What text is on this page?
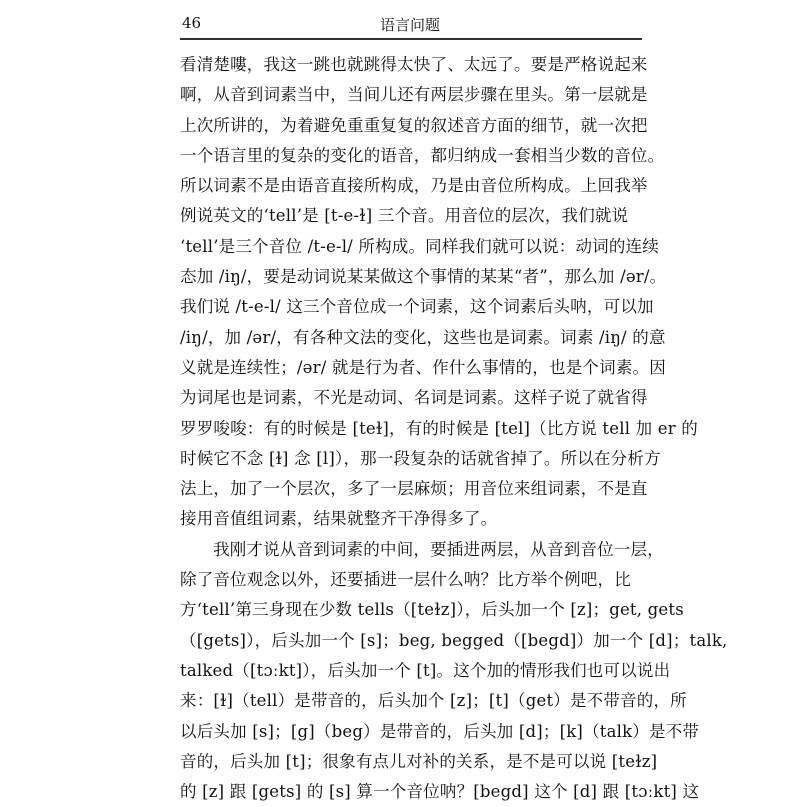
46	语言问题
看清楚嘍，我这一跳也就跳得太快了、太远了。要是严格说起来
啊，从音到词素当中，当间儿还有两层步骤在里头。第一层就是
上次所讲的，为着避免重重复复的叙述音方面的细节，就一次把
一个语言里的复杂的变化的语音，都归纳成一套相当少数的音位。
所以词素不是由语音直接所构成，乃是由音位所构成。上回我举
例说英文的‘tell’是 [t-e-ɫ] 三个音。用音位的层次，我们就说
‘tell’是三个音位 /t-e-l/ 所构成。同样我们就可以说：动词的连续
态加 /iŋ/，要是动词说某某做这个事情的某某“者”，那么加 /ər/。
我们说 /t-e-l/ 这三个音位成一个词素，这个词素后头呐，可以加
/iŋ/，加 /ər/，有各种文法的变化，这些也是词素。词素 /iŋ/ 的意
义就是连续性；/ər/ 就是行为者、作什么事情的，也是个词素。因
为词尾也是词素，不光是动词、名词是词素。这样子说了就省得
罗罗唆唆：有的时候是 [teɫ]，有的时候是 [tel]（比方说 tell 加 er 的
时候它不念 [ɫ] 念 [l]），那一段复杂的话就省掉了。所以在分析方
法上，加了一个层次，多了一层麻烦；用音位来组词素，不是直
接用音值组词素，结果就整齐干净得多了。
我刚才说从音到词素的中间，要插进两层，从音到音位一层，
除了音位观念以外，还要插进一层什么呐？比方举个例吧，比
方‘tell’第三身现在少数 tells（[teɫz]），后头加一个 [z]；get, gets
（[gets]），后头加一个 [s]；beg, begged（[begd]）加一个 [d]；talk,
talked（[tɔːkt]），后头加一个 [t]。这个加的情形我们也可以说出
来：[ɫ]（tell）是带音的，后头加个 [z]；[t]（get）是不带音的，所
以后头加 [s]；[g]（beg）是带音的，后头加 [d]；[k]（talk）是不带
音的，后头加 [t]；很象有点儿对补的关系，是不是可以说 [teɫz]
的 [z] 跟 [gets] 的 [s] 算一个音位呐？[begd] 这个 [d] 跟 [tɔːkt] 这
